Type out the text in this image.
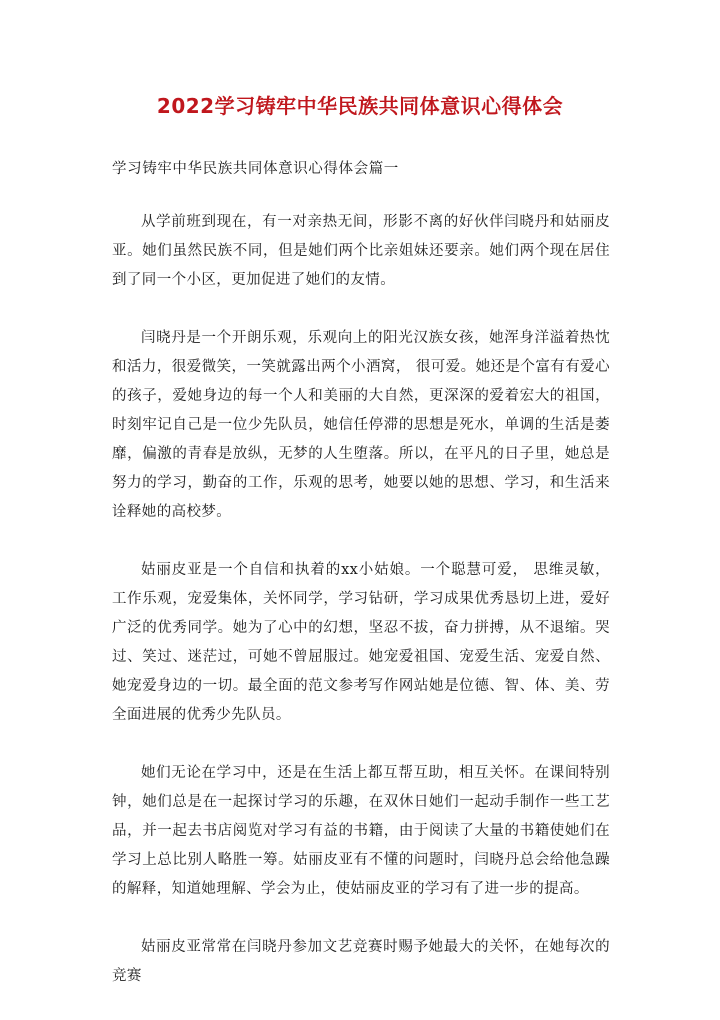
2022学习铸牢中华民族共同体意识心得体会

学习铸牢中华民族共同体意识心得体会篇一

从学前班到现在，有一对亲热无间，形影不离的好伙伴闫晓丹和姑丽皮亚。她们虽然民族不同，但是她们两个比亲姐妹还要亲。她们两个现在居住到了同一个小区，更加促进了她们的友情。

闫晓丹是一个开朗乐观，乐观向上的阳光汉族女孩，她浑身洋溢着热忱和活力，很爱微笑，一笑就露出两个小酒窝， 很可爱。她还是个富有有爱心的孩子，爱她身边的每一个人和美丽的大自然，更深深的爱着宏大的祖国，时刻牢记自己是一位少先队员，她信任停滞的思想是死水，单调的生活是萎靡，偏激的青春是放纵，无梦的人生堕落。所以，在平凡的日子里，她总是努力的学习，勤奋的工作，乐观的思考，她要以她的思想、学习，和生活来诠释她的高校梦。

姑丽皮亚是一个自信和执着的xx小姑娘。一个聪慧可爱， 思维灵敏，工作乐观，宠爱集体，关怀同学，学习钻研，学习成果优秀恳切上进，爱好广泛的优秀同学。她为了心中的幻想，坚忍不拔，奋力拼搏，从不退缩。哭过、笑过、迷茫过，可她不曾屈服过。她宠爱祖国、宠爱生活、宠爱自然、她宠爱身边的一切。最全面的范文参考写作网站她是位德、智、体、美、劳全面进展的优秀少先队员。

她们无论在学习中，还是在生活上都互帮互助，相互关怀。在课间特别钟，她们总是在一起探讨学习的乐趣，在双休日她们一起动手制作一些工艺品，并一起去书店阅览对学习有益的书籍，由于阅读了大量的书籍使她们在学习上总比别人略胜一筹。姑丽皮亚有不懂的问题时，闫晓丹总会给他急躁的解释，知道她理解、学会为止，使姑丽皮亚的学习有了进一步的提高。

姑丽皮亚常常在闫晓丹参加文艺竞赛时赐予她最大的关怀，在她每次的竞赛
